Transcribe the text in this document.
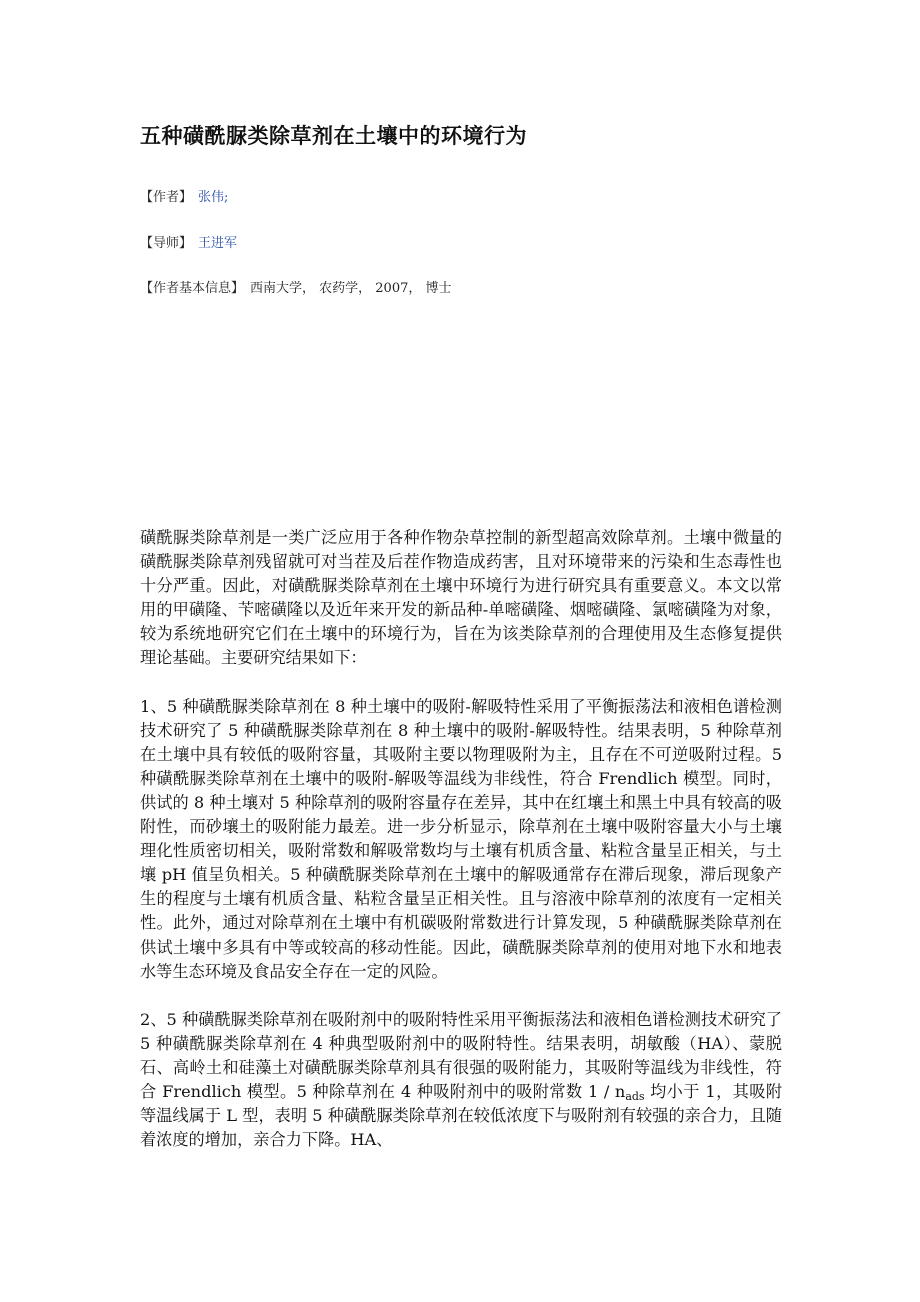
五种磺酰脲类除草剂在土壤中的环境行为
【作者】 张伟;
【导师】 王进军
【作者基本信息】 西南大学， 农药学， 2007， 博士

磺酰脲类除草剂是一类广泛应用于各种作物杂草控制的新型超高效除草剂。土壤中微量的磺酰脲类除草剂残留就可对当茬及后茬作物造成药害，且对环境带来的污染和生态毒性也十分严重。因此，对磺酰脲类除草剂在土壤中环境行为进行研究具有重要意义。本文以常用的甲磺隆、苄嘧磺隆以及近年来开发的新品种-单嘧磺隆、烟嘧磺隆、氯嘧磺隆为对象，较为系统地研究它们在土壤中的环境行为，旨在为该类除草剂的合理使用及生态修复提供理论基础。主要研究结果如下：

1、5 种磺酰脲类除草剂在 8 种土壤中的吸附-解吸特性采用了平衡振荡法和液相色谱检测技术研究了 5 种磺酰脲类除草剂在 8 种土壤中的吸附-解吸特性。结果表明，5 种除草剂在土壤中具有较低的吸附容量，其吸附主要以物理吸附为主，且存在不可逆吸附过程。5 种磺酰脲类除草剂在土壤中的吸附-解吸等温线为非线性，符合 Frendlich 模型。同时，供试的 8 种土壤对 5 种除草剂的吸附容量存在差异，其中在红壤土和黑土中具有较高的吸附性，而砂壤土的吸附能力最差。进一步分析显示，除草剂在土壤中吸附容量大小与土壤理化性质密切相关，吸附常数和解吸常数均与土壤有机质含量、粘粒含量呈正相关，与土壤 pH 值呈负相关。5 种磺酰脲类除草剂在土壤中的解吸通常存在滞后现象，滞后现象产生的程度与土壤有机质含量、粘粒含量呈正相关性。且与溶液中除草剂的浓度有一定相关性。此外，通过对除草剂在土壤中有机碳吸附常数进行计算发现，5 种磺酰脲类除草剂在供试土壤中多具有中等或较高的移动性能。因此，磺酰脲类除草剂的使用对地下水和地表水等生态环境及食品安全存在一定的风险。

2、5 种磺酰脲类除草剂在吸附剂中的吸附特性采用平衡振荡法和液相色谱检测技术研究了 5 种磺酰脲类除草剂在 4 种典型吸附剂中的吸附特性。结果表明，胡敏酸（HA）、蒙脱石、高岭土和硅藻土对磺酰脲类除草剂具有很强的吸附能力，其吸附等温线为非线性，符合 Frendlich 模型。5 种除草剂在 4 种吸附剂中的吸附常数 $1 / n_{ads}$ 均小于 1，其吸附等温线属于 L 型，表明 5 种磺酰脲类除草剂在较低浓度下与吸附剂有较强的亲合力，且随着浓度的增加，亲合力下降。HA、
